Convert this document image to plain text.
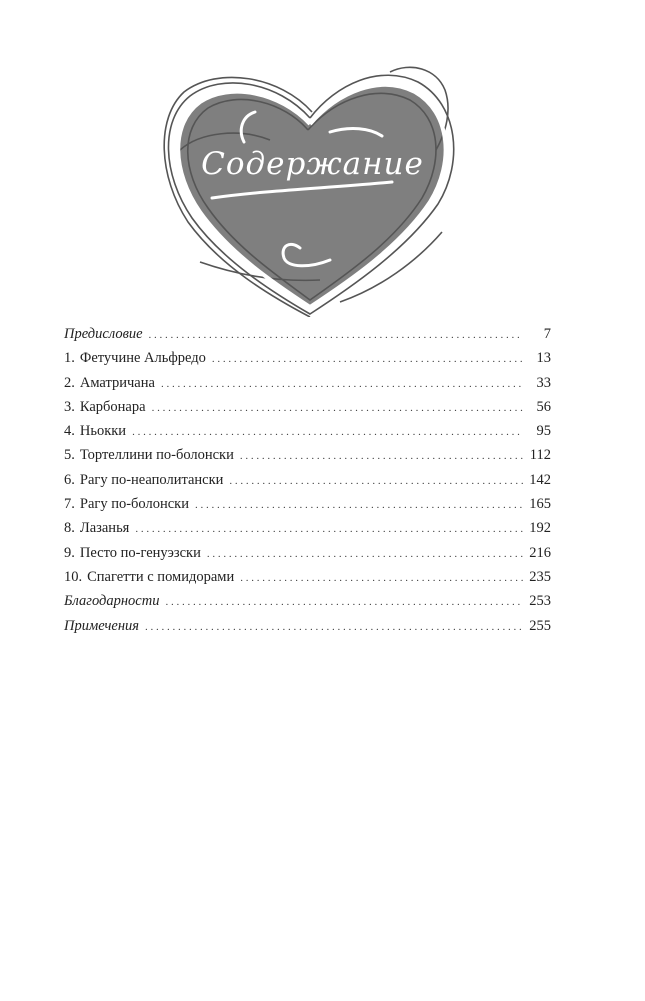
Содержание
Предисловие . . .	7
1. Фетучине Альфредо . . .	13
2. Аматричана . . .	33
3. Карбонара . . .	56
4. Ньокки . . .	95
5. Тортеллини по-болонски . . .	112
6. Рагу по-неаполитански . . .	142
7. Рагу по-болонски . . .	165
8. Лазанья . . .	192
9. Песто по-генуэзски . . .	216
10. Спагетти с помидорами . . .	235
Благодарности . . .	253
Примечения . . .	255
